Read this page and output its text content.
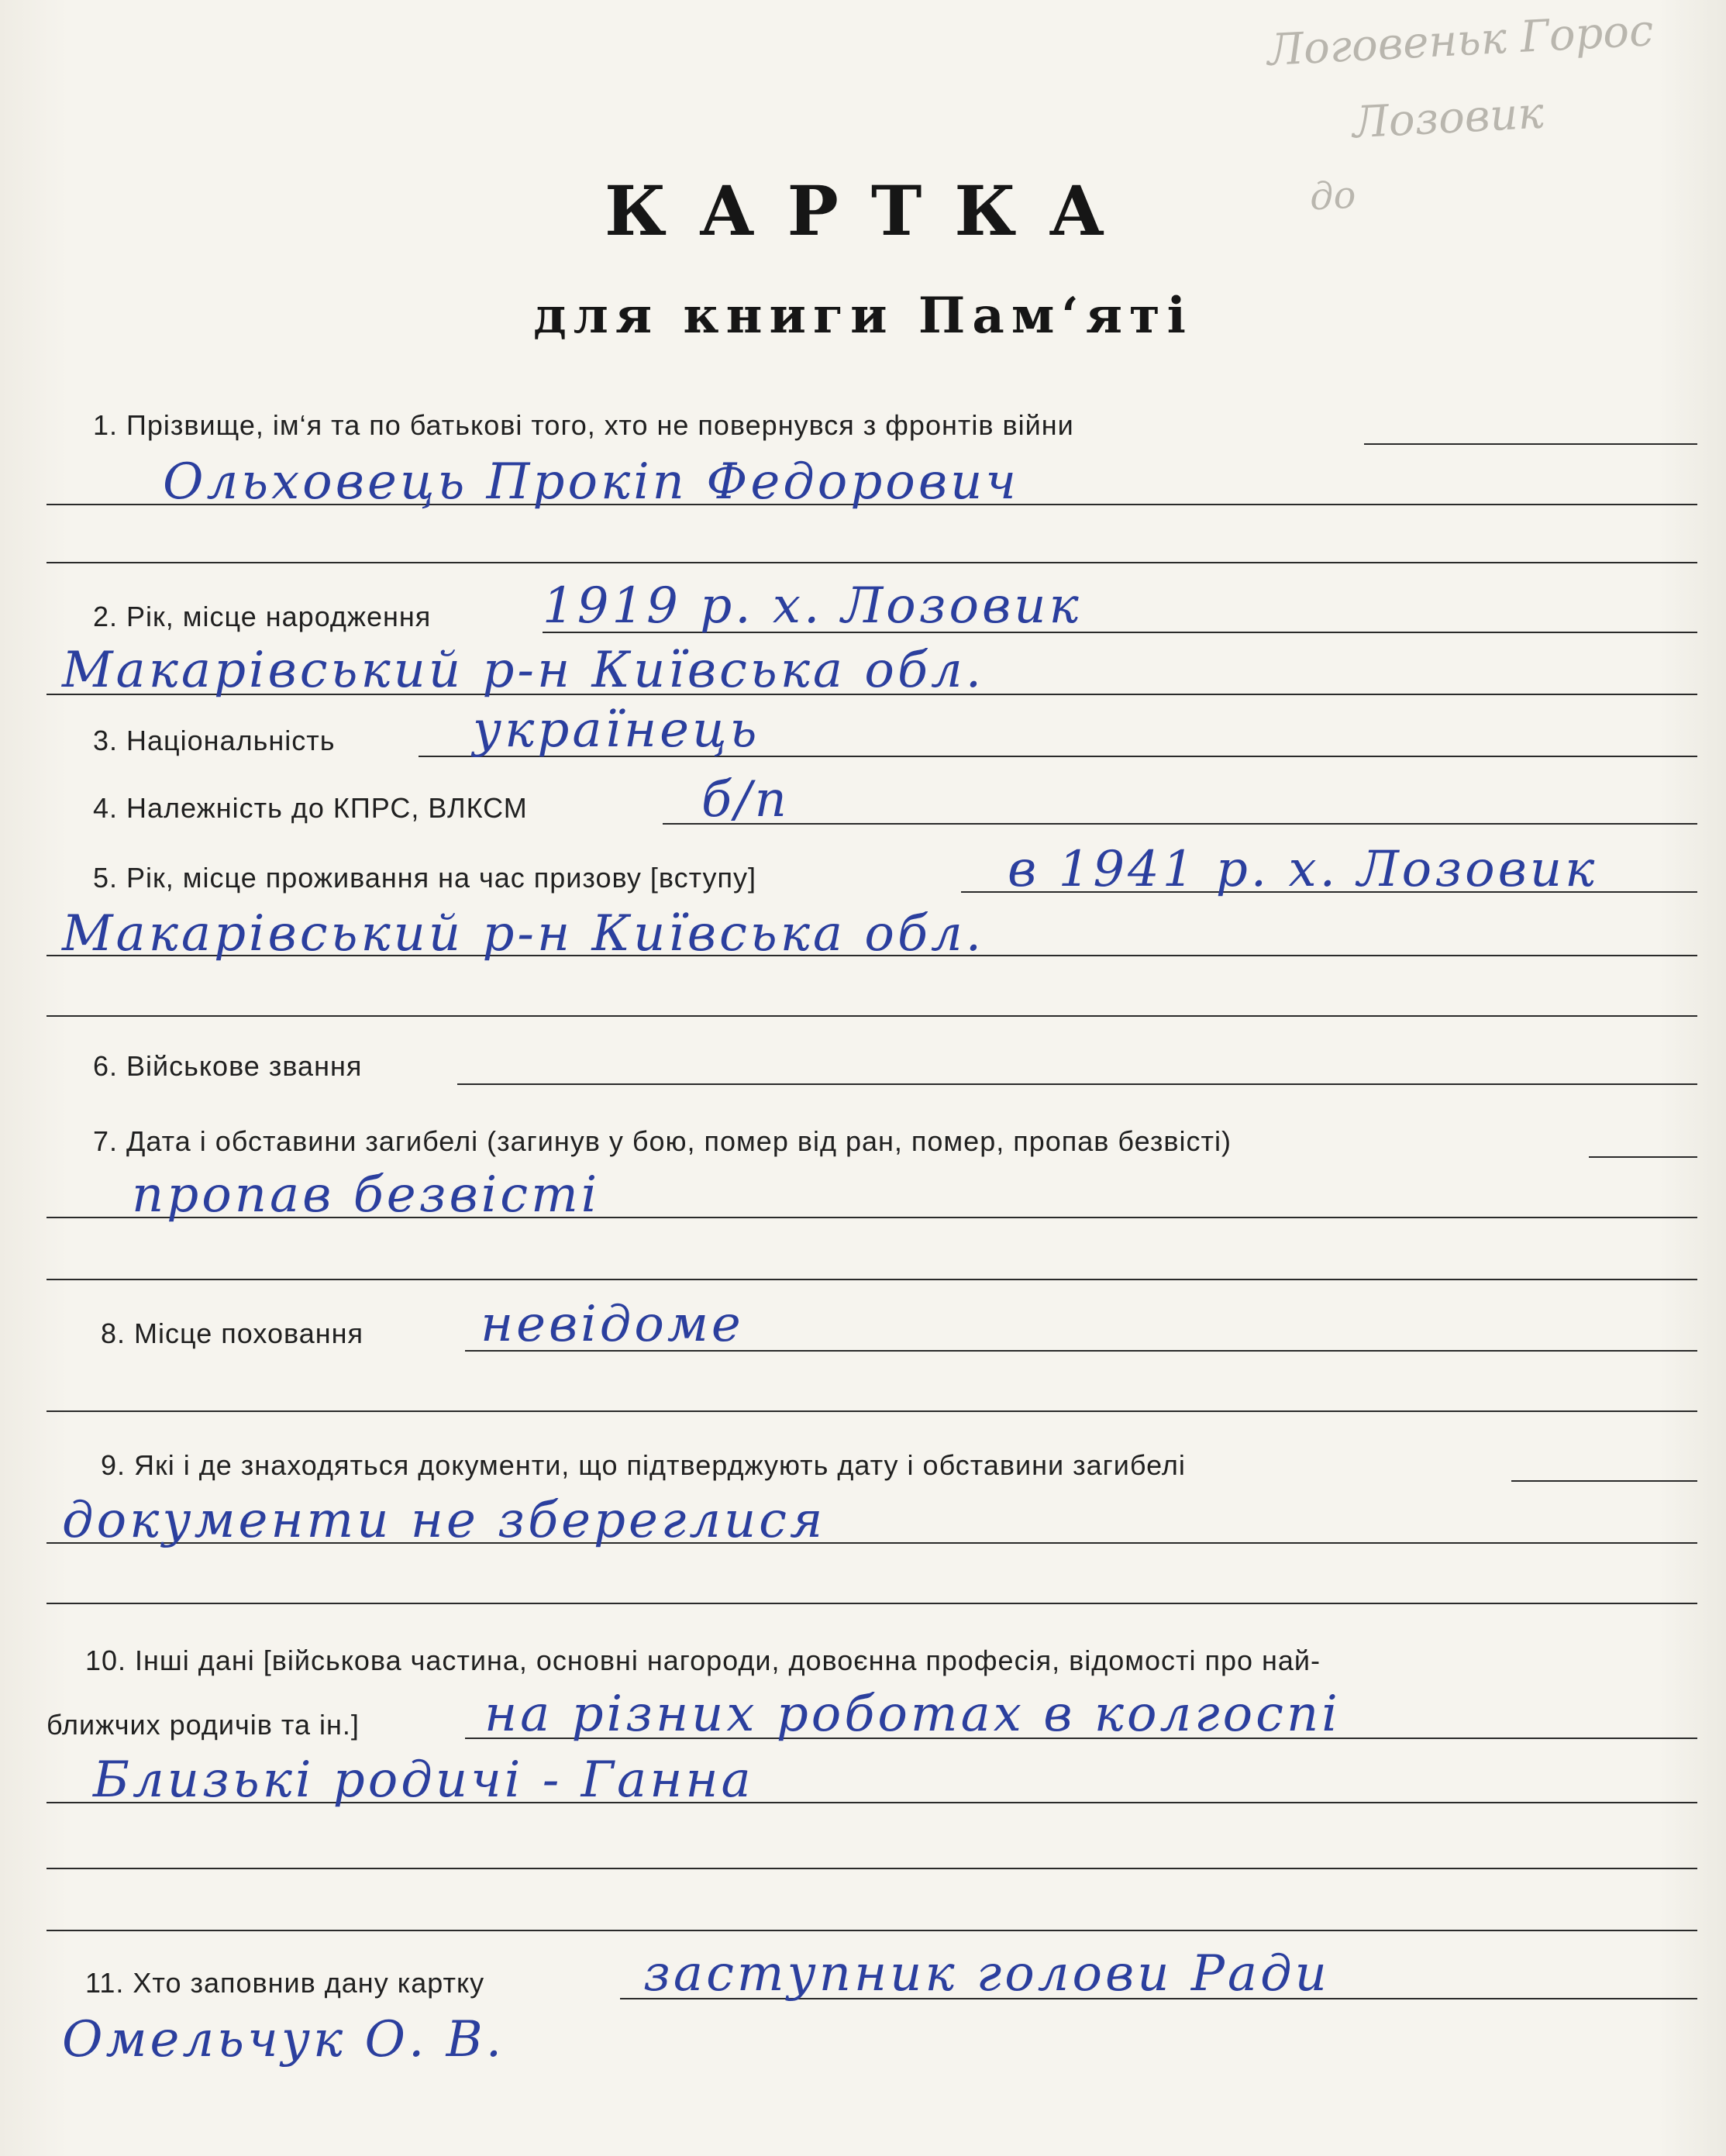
Логовеньк Горос
Лозовик
до
КАРТКА
для книги Пам‘яті
1. Прізвище, ім‘я та по батькові того, хто не повернувся з фронтів війни
Ольховець Прокіп Федорович
2. Рік, місце народження 1919 р. х. Лозовик
Макарівський р-н Київська обл.
3. Національність	українець
4. Належність до КПРС, ВЛКСМ	б/п
5. Рік, місце проживання на час призову [вступу]	в 1941 р. х. Лозовик
Макарівський р-н Київська обл.
6. Військове звання
7. Дата і обставини загибелі (загинув у бою, помер від ран, помер, пропав безвісті)
пропав безвісті
8. Місце поховання невідоме
9. Які і де знаходяться документи, що підтверджують дату і обставини загибелі
документи не збереглися
10. Інші дані [військова частина, основні нагороди, довоєнна професія, відомості про най-
ближчих родичів та ін.]	на різних роботах в колгоспі
Близькі родичі - Ганна
11. Хто заповнив дану картку	заступник голови Ради
Омельчук О. В.
